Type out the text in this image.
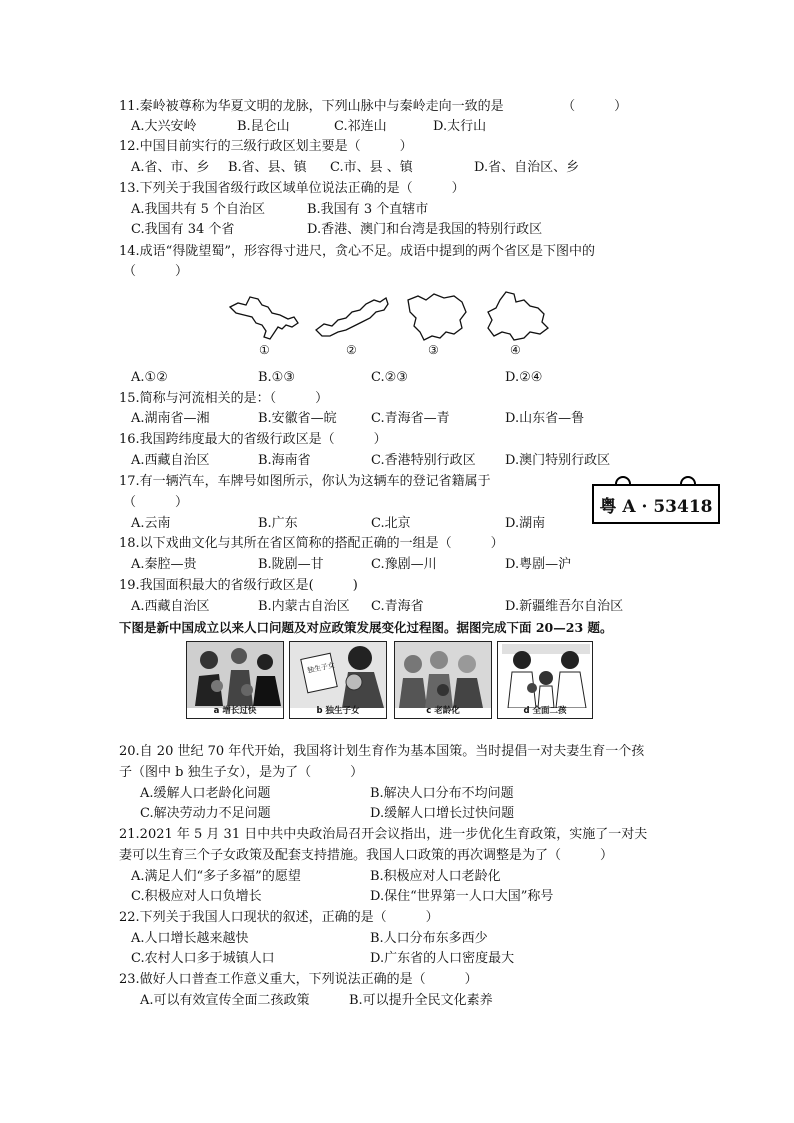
11.秦岭被尊称为华夏文明的龙脉，下列山脉中与秦岭走向一致的是　　　　　（　　　）
A.大兴安岭	B.昆仑山	C.祁连山	D.太行山
12.中国目前实行的三级行政区划主要是（　　　）
A.省、市、乡 B.省、县、镇 C.市、县 、镇	D.省、自治区、乡
13.下列关于我国省级行政区域单位说法正确的是（　　　）
A.我国共有 5 个自治区	B.我国有 3 个直辖市
C.我国有 34 个省	D.香港、澳门和台湾是我国的特别行政区
14.成语“得陇望蜀”，形容得寸进尺，贪心不足。成语中提到的两个省区是下图中的
（　　　）
①	②	③	④
A.①②	B.①③	C.②③	D.②④
15.简称与河流相关的是：（　　　）
A.湖南省—湘	B.安徽省—皖	C.青海省—青	D.山东省—鲁
16.我国跨纬度最大的省级行政区是（　　　）
A.西藏自治区	B.海南省	C.香港特别行政区 D.澳门特别行政区
17.有一辆汽车，车牌号如图所示，你认为这辆车的登记省籍属于
（　　　）	粤 A · 53418
A.云南	B.广东	C.北京	D.湖南
18.以下戏曲文化与其所在省区简称的搭配正确的一组是（　　　）
A.秦腔—贵	B.陇剧—甘	C.豫剧—川	D.粤剧—沪
19.我国面积最大的省级行政区是(　　　)
A.西藏自治区	B.内蒙古自治区 C.青海省	D.新疆维吾尔自治区
下图是新中国成立以来人口问题及对应政策发展变化过程图。据图完成下面 20—23 题。
a 增长过快
独生子女
b 独生子女	c 老龄化	d 全面二孩
20.自 20 世纪 70 年代开始，我国将计划生育作为基本国策。当时提倡一对夫妻生育一个孩
子（图中 b 独生子女），是为了（　　　）
A.缓解人口老龄化问题	B.解决人口分布不均问题
C.解决劳动力不足问题	D.缓解人口增长过快问题
21.2021 年 5 月 31 日中共中央政治局召开会议指出，进一步优化生育政策，实施了一对夫
妻可以生育三个子女政策及配套支持措施。我国人口政策的再次调整是为了（　　　）
A.满足人们“多子多福”的愿望	B.积极应对人口老龄化
C.积极应对人口负增长	D.保住“世界第一人口大国”称号
22.下列关于我国人口现状的叙述，正确的是（　　　）
A.人口增长越来越快	B.人口分布东多西少
C.农村人口多于城镇人口	D.广东省的人口密度最大
23.做好人口普查工作意义重大，下列说法正确的是（　　　）
A.可以有效宣传全面二孩政策	B.可以提升全民文化素养
